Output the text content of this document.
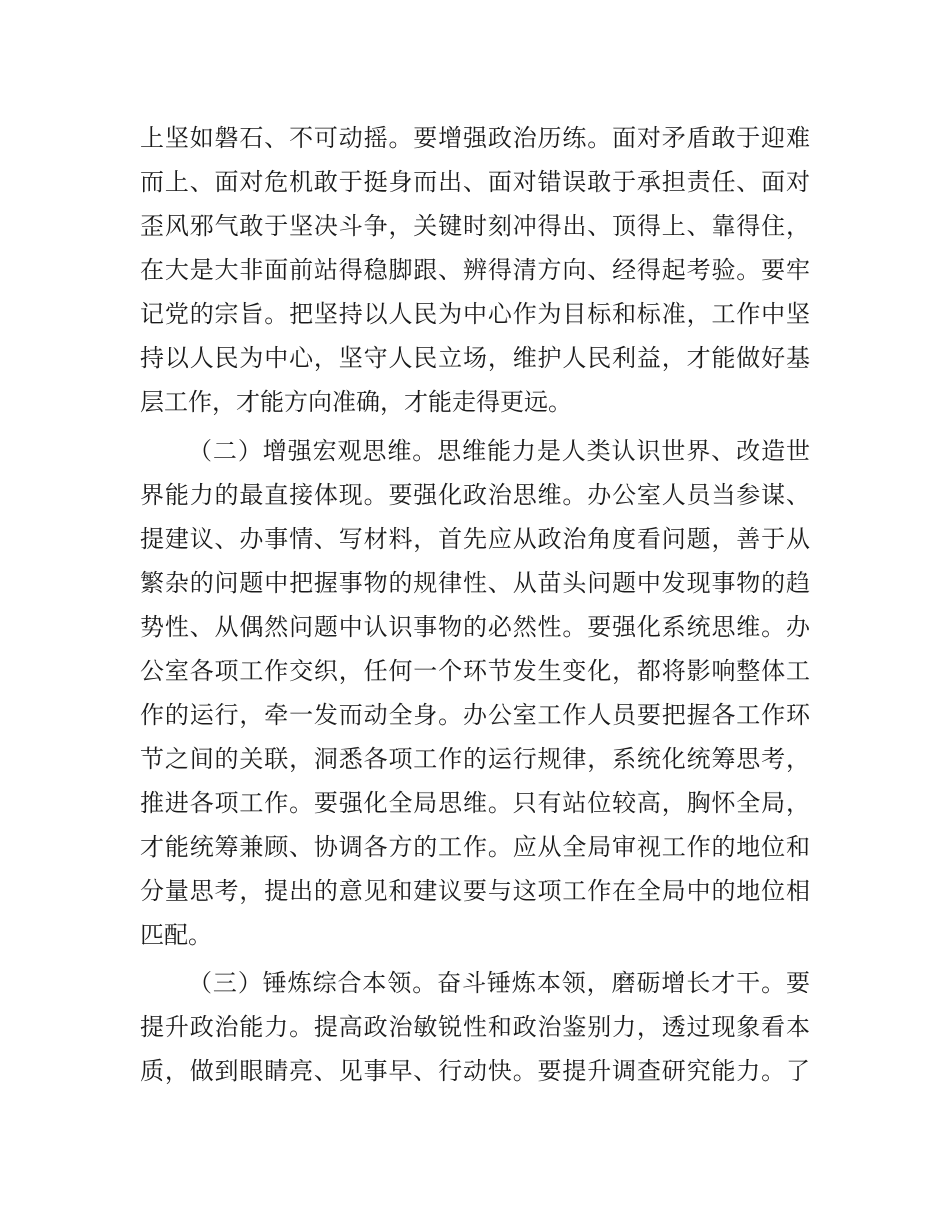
上坚如磐石、不可动摇。要增强政治历练。面对矛盾敢于迎难
而上、面对危机敢于挺身而出、面对错误敢于承担责任、面对
歪风邪气敢于坚决斗争，关键时刻冲得出、顶得上、靠得住，
在大是大非面前站得稳脚跟、辨得清方向、经得起考验。要牢
记党的宗旨。把坚持以人民为中心作为目标和标准，工作中坚
持以人民为中心，坚守人民立场，维护人民利益，才能做好基
层工作，才能方向准确，才能走得更远。
（二）增强宏观思维。思维能力是人类认识世界、改造世
界能力的最直接体现。要强化政治思维。办公室人员当参谋、
提建议、办事情、写材料，首先应从政治角度看问题，善于从
繁杂的问题中把握事物的规律性、从苗头问题中发现事物的趋
势性、从偶然问题中认识事物的必然性。要强化系统思维。办
公室各项工作交织，任何一个环节发生变化，都将影响整体工
作的运行，牵一发而动全身。办公室工作人员要把握各工作环
节之间的关联，洞悉各项工作的运行规律，系统化统筹思考，
推进各项工作。要强化全局思维。只有站位较高，胸怀全局，
才能统筹兼顾、协调各方的工作。应从全局审视工作的地位和
分量思考，提出的意见和建议要与这项工作在全局中的地位相
匹配。
（三）锤炼综合本领。奋斗锤炼本领，磨砺增长才干。要
提升政治能力。提高政治敏锐性和政治鉴别力，透过现象看本
质，做到眼睛亮、见事早、行动快。要提升调查研究能力。了
